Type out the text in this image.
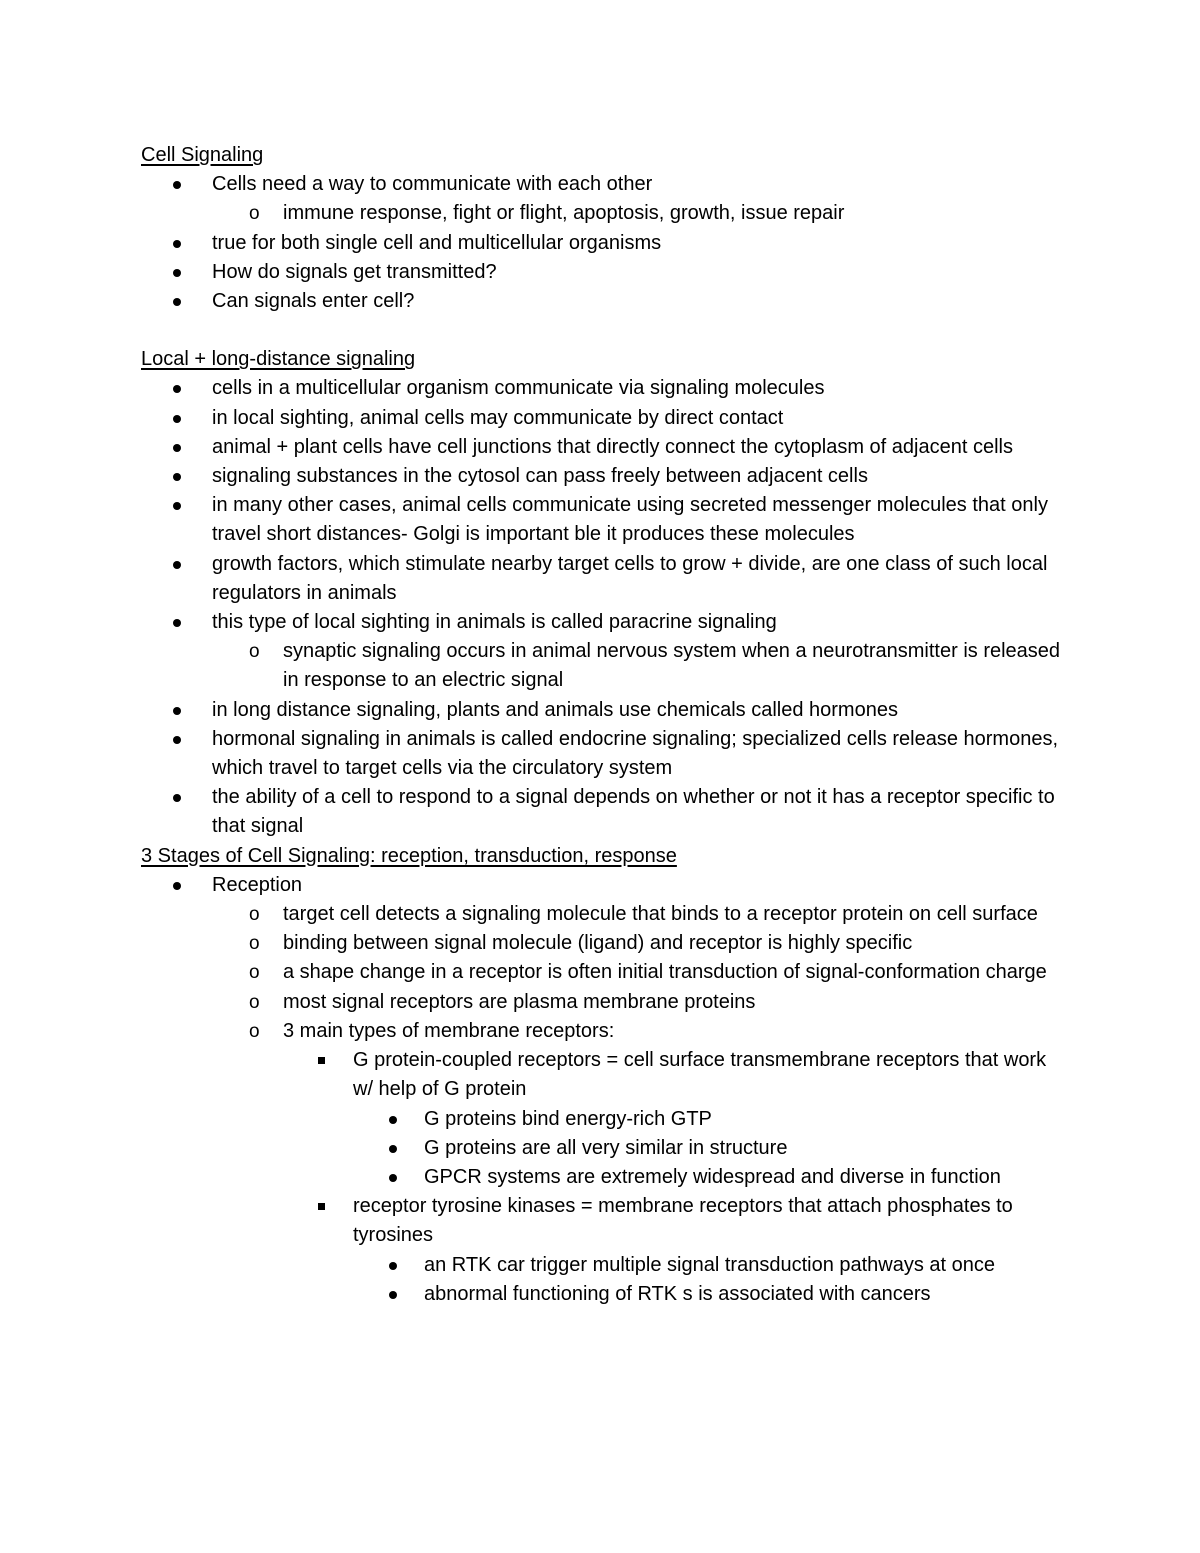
Cell Signaling

Cells need a way to communicate with each other
o immune response, fight or flight, apoptosis, growth, issue repair
true for both single cell and multicellular organisms
How do signals get transmitted?
Can signals enter cell?

Local + long-distance signaling

cells in a multicellular organism communicate via signaling molecules
in local sighting, animal cells may communicate by direct contact
animal + plant cells have cell junctions that directly connect the cytoplasm of adjacent cells
signaling substances in the cytosol can pass freely between adjacent cells
in many other cases, animal cells communicate using secreted messenger molecules that only travel short distances- Golgi is important ble it produces these molecules
growth factors, which stimulate nearby target cells to grow + divide, are one class of such local regulators in animals
this type of local sighting in animals is called paracrine signaling
o synaptic signaling occurs in animal nervous system when a neurotransmitter is released in response to an electric signal
in long distance signaling, plants and animals use chemicals called hormones
hormonal signaling in animals is called endocrine signaling; specialized cells release hormones, which travel to target cells via the circulatory system
the ability of a cell to respond to a signal depends on whether or not it has a receptor specific to that signal

3 Stages of Cell Signaling: reception, transduction, response

Reception
o target cell detects a signaling molecule that binds to a receptor protein on cell surface
o binding between signal molecule (ligand) and receptor is highly specific
o a shape change in a receptor is often initial transduction of signal-conformation charge
o most signal receptors are plasma membrane proteins
o 3 main types of membrane receptors:
G protein-coupled receptors = cell surface transmembrane receptors that work w/ help of G protein
G proteins bind energy-rich GTP
G proteins are all very similar in structure
GPCR systems are extremely widespread and diverse in function
receptor tyrosine kinases = membrane receptors that attach phosphates to tyrosines
an RTK car trigger multiple signal transduction pathways at once
abnormal functioning of RTK s is associated with cancers
